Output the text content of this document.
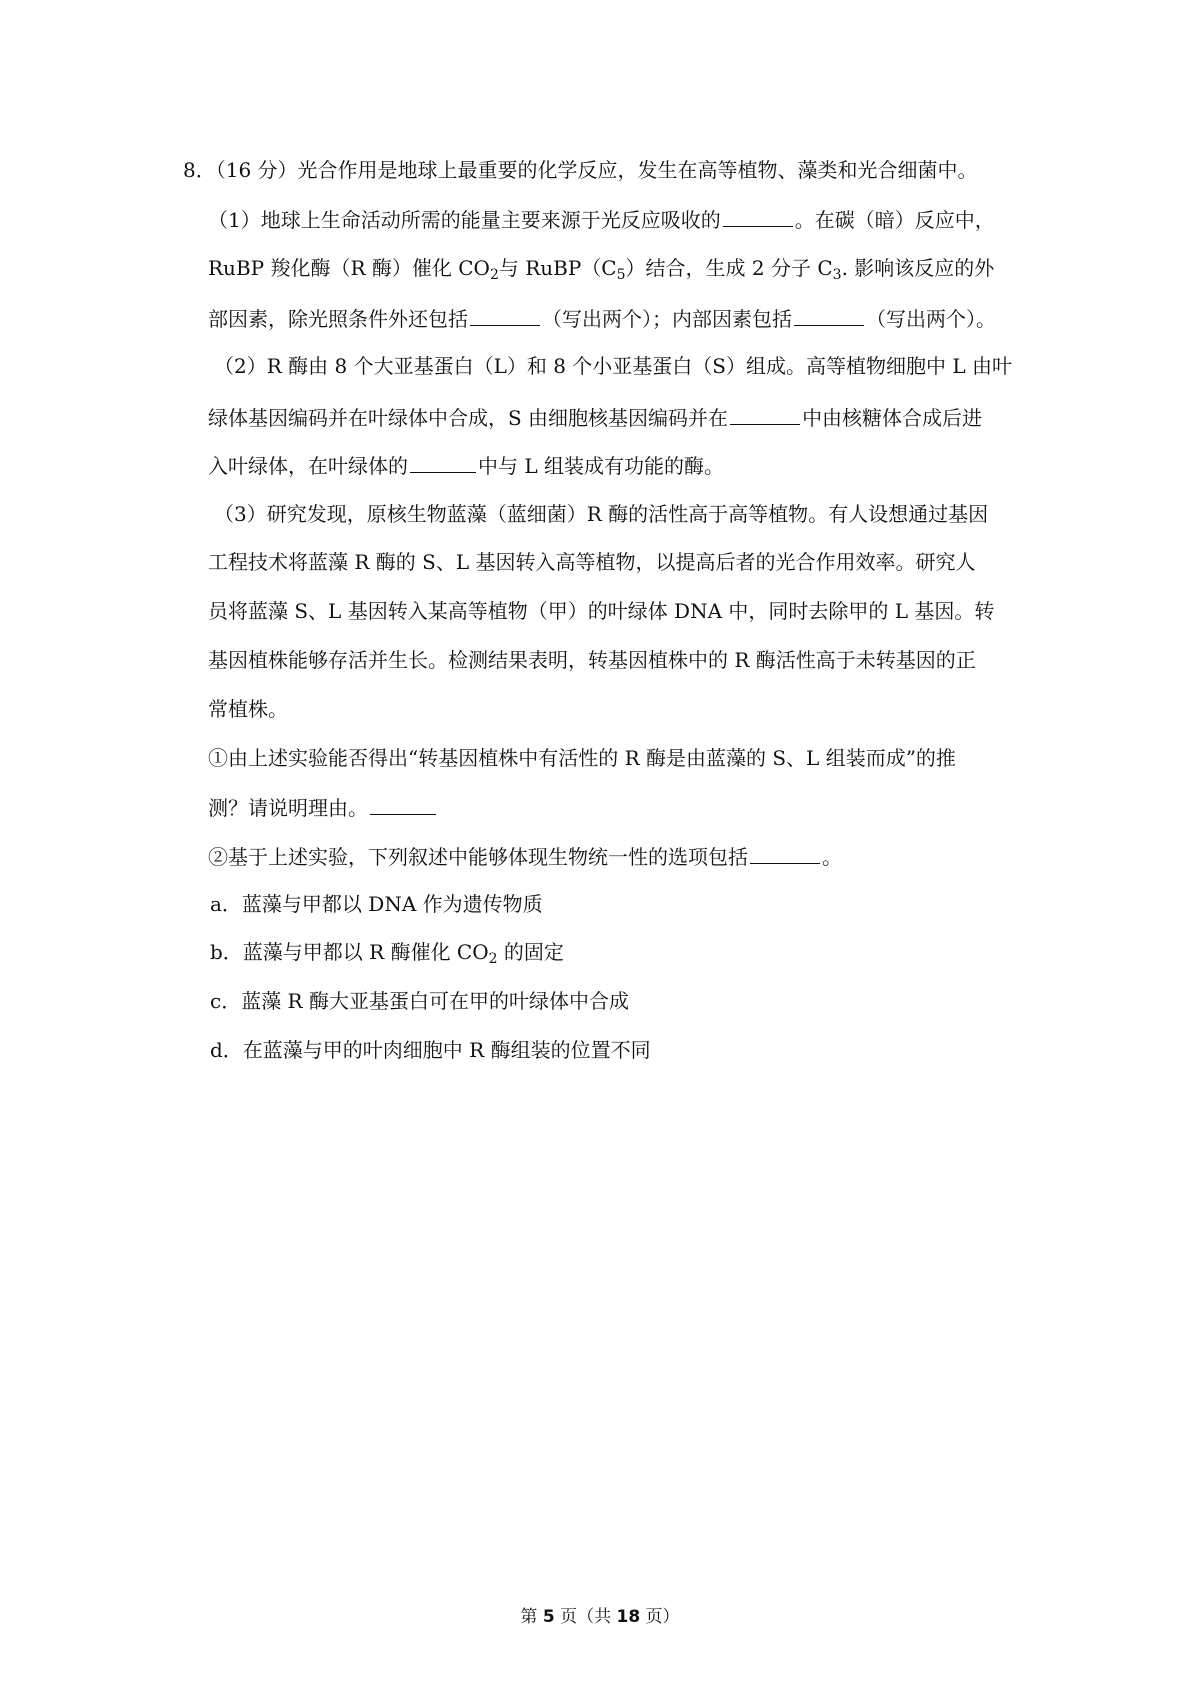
8．（16 分）光合作用是地球上最重要的化学反应，发生在高等植物、藻类和光合细菌中。
（1）地球上生命活动所需的能量主要来源于光反应吸收的	。在碳（暗）反应中，
RuBP 羧化酶（R 酶）催化 $CO_2$与 $RuBP(C_5)$结合，生成 2 分子 $C_3$. 影响该反应的外
部因素，除光照条件外还包括	（写出两个）；内部因素包括	（写出两个）。
（2）R 酶由 8 个大亚基蛋白（L）和 8 个小亚基蛋白（S）组成。高等植物细胞中 L 由叶
绿体基因编码并在叶绿体中合成，S 由细胞核基因编码并在	中由核糖体合成后进
入叶绿体，在叶绿体的	中与 L 组装成有功能的酶。
（3）研究发现，原核生物蓝藻（蓝细菌）R 酶的活性高于高等植物。有人设想通过基因
工程技术将蓝藻 R 酶的 S、L 基因转入高等植物，以提高后者的光合作用效率。研究人
员将蓝藻 S、L 基因转入某高等植物（甲）的叶绿体 DNA 中，同时去除甲的 L 基因。转
基因植株能够存活并生长。检测结果表明，转基因植株中的 R 酶活性高于未转基因的正
常植株。
①由上述实验能否得出“转基因植株中有活性的 R 酶是由蓝藻的 S、L 组装而成”的推
测？请说明理由。
②基于上述实验，下列叙述中能够体现生物统一性的选项包括	。
a．蓝藻与甲都以 DNA 作为遗传物质
b．蓝藻与甲都以 R 酶催化 $CO_2$ 的固定
c．蓝藻 R 酶大亚基蛋白可在甲的叶绿体中合成
d．在蓝藻与甲的叶肉细胞中 R 酶组装的位置不同
第 5 页（共 18 页）
